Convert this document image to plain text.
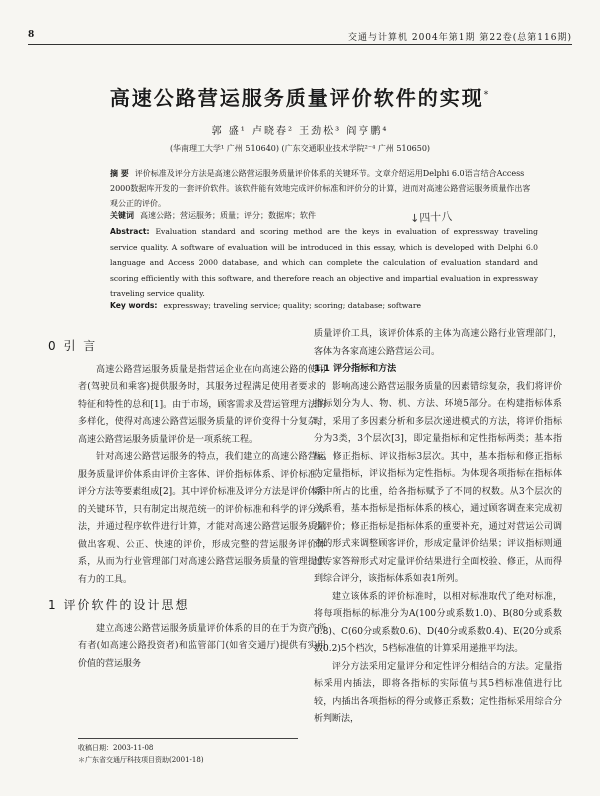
8	交通与计算机 2004年第1期 第22卷(总第116期)
高速公路营运服务质量评价软件的实现*
郭 盛¹ 卢晓春² 王劲松³ 阎亨鹏⁴
(华南理工大学¹ 广州 510640) (广东交通职业技术学院²⁻⁴ 广州 510650)
摘 要 评价标准及评分方法是高速公路营运服务质量评价体系的关键环节。文章介绍运用Delphi 6.0语言结合Access 2000数据库开发的一套评价软件。该软件能有效地完成评价标准和评价分的计算，进而对高速公路营运服务质量作出客观公正的评价。
关键词 高速公路；营运服务；质量；评分；数据库；软件	↓四十八
Abstract: Evaluation standard and scoring method are the keys in evaluation of expressway traveling service quality. A software of evaluation will be introduced in this essay, which is developed with Delphi 6.0 language and Access 2000 database, and which can complete the calculation of evaluation standard and scoring efficiently with this software, and therefore reach an objective and impartial evaluation in expressway traveling service quality.
Key words: expressway; traveling service; quality; scoring; database; software
0 引 言

高速公路营运服务质量是指营运企业在向高速公路的使用者(驾驶员和乘客)提供服务时，其服务过程满足使用者要求的特征和特性的总和[1]。由于市场，顾客需求及营运管理方法的多样化，使得对高速公路营运服务质量的评价变得十分复杂，高速公路营运服务质量评价是一项系统工程。

针对高速公路营运服务的特点，我们建立的高速公路营运服务质量评价体系由评价主客体、评价指标体系、评价标准、评分方法等要素组成[2]。其中评价标准及评分方法是评价体系的关键环节，只有制定出规范统一的评价标准和科学的评分方法，并通过程序软件进行计算，才能对高速公路营运服务质量做出客观、公正、快速的评价，形成完整的营运服务评价体系，从而为行业管理部门对高速公路营运服务质量的管理提供有力的工具。

1 评价软件的设计思想

建立高速公路营运服务质量评价体系的目的在于为资产所有者(如高速公路投资者)和监管部门(如省交通厅)提供有实用价值的营运服务

质量评价工具，该评价体系的主体为高速公路行业管理部门，客体为各家高速公路营运公司。

1.1 评分指标和方法

影响高速公路营运服务质量的因素错综复杂，我们将评价指标划分为人、物、机、方法、环境5部分。在构建指标体系时，采用了多因素分析和多层次递进模式的方法，将评价指标分为3类，3个层次[3]，即定量指标和定性指标两类；基本指标、修正指标、评议指标3层次。其中，基本指标和修正指标为定量指标，评议指标为定性指标。为体现各项指标在指标体系中所占的比重，给各指标赋予了不同的权数。从3个层次的关系看，基本指标是指标体系的核心，通过顾客调查来完成初步评价；修正指标是指标体系的重要补充，通过对营运公司调查的形式来调整顾客评价，形成定量评价结果；评议指标则通过专家答辩形式对定量评价结果进行全面校验、修正，从而得到综合评分，该指标体系如表1所列。

建立该体系的评价标准时，以相对标准取代了绝对标准，将每项指标的标准分为A(100分或系数1.0)、B(80分或系数0.8)、C(60分或系数0.6)、D(40分或系数0.4)、E(20分或系数0.2)5个档次，5档标准值的计算采用递推平均法。

评分方法采用定量评分和定性评分相结合的方法。定量指标采用内插法，即将各指标的实际值与其5档标准值进行比较，内插出各项指标的得分或修正系数；定性指标采用综合分析判断法，

收稿日期：2003-11-08
＊广东省交通厅科技项目资助(2001-18)
